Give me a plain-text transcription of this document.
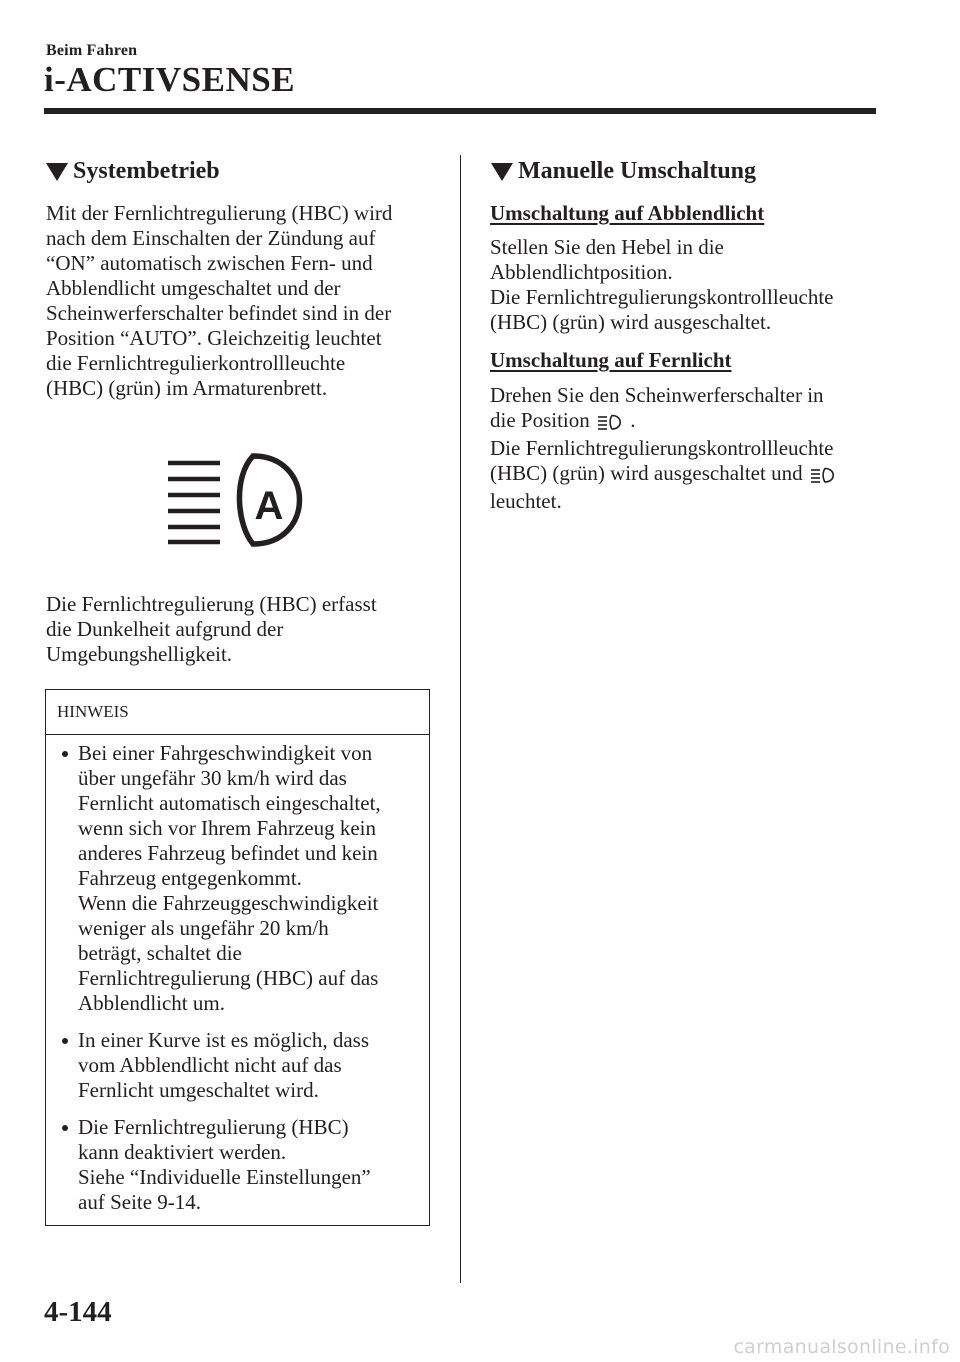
Beim Fahren
i-ACTIVSENSE
Systembetrieb
Mit der Fernlichtregulierung (HBC) wird
nach dem Einschalten der Zündung auf
“ON” automatisch zwischen Fern- und
Abblendlicht umgeschaltet und der
Scheinwerferschalter befindet sind in der
Position “AUTO”. Gleichzeitig leuchtet
die Fernlichtregulierkontrollleuchte
(HBC) (grün) im Armaturenbrett.
A
Die Fernlichtregulierung (HBC) erfasst
die Dunkelheit aufgrund der
Umgebungshelligkeit.
HINWEIS
Bei einer Fahrgeschwindigkeit von
über ungefähr 30 km/h wird das
Fernlicht automatisch eingeschaltet,
wenn sich vor Ihrem Fahrzeug kein
anderes Fahrzeug befindet und kein
Fahrzeug entgegenkommt.
Wenn die Fahrzeuggeschwindigkeit
weniger als ungefähr 20 km/h
beträgt, schaltet die
Fernlichtregulierung (HBC) auf das
Abblendlicht um.
In einer Kurve ist es möglich, dass
vom Abblendlicht nicht auf das
Fernlicht umgeschaltet wird.
Die Fernlichtregulierung (HBC)
kann deaktiviert werden.
Siehe “Individuelle Einstellungen”
auf Seite 9-14.
Manuelle Umschaltung
Umschaltung auf Abblendlicht
Stellen Sie den Hebel in die
Abblendlichtposition.
Die Fernlichtregulierungskontrollleuchte
(HBC) (grün) wird ausgeschaltet.
Umschaltung auf Fernlicht
Drehen Sie den Scheinwerferschalter in
die Position .
Die Fernlichtregulierungskontrollleuchte
(HBC) (grün) wird ausgeschaltet und
leuchtet.
4-144
carmanualsonline.info
